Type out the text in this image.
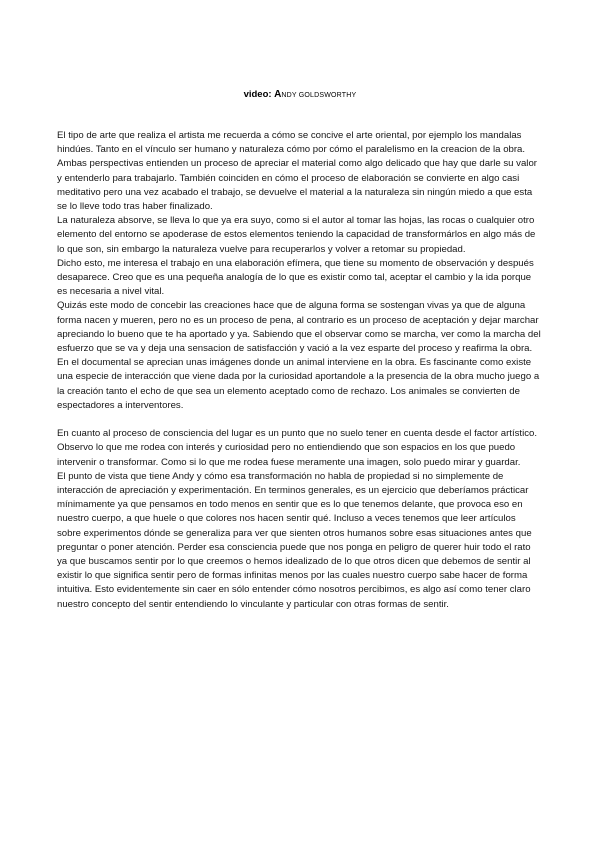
video: ANDY GOLDSWORTHY

El tipo de arte que realiza el artista me recuerda a cómo se concive el arte oriental, por ejemplo los mandalas hindúes. Tanto en el vínculo ser humano y naturaleza cómo por cómo el paralelismo en la creacion de la obra. Ambas perspectivas entienden un proceso de apreciar el material como algo delicado que hay que darle su valor y entenderlo para trabajarlo. También coinciden en cómo el proceso de elaboración se convierte en algo casi meditativo pero una vez acabado el trabajo, se devuelve el material a la naturaleza sin ningún miedo a que esta se lo lleve todo tras haber finalizado.

La naturaleza absorve, se lleva lo que ya era suyo, como si el autor al tomar las hojas, las rocas o cualquier otro elemento del entorno se apoderase de estos elementos teniendo la capacidad de transformárlos en algo más de lo que son, sin embargo la naturaleza vuelve para recuperarlos y volver a retomar su propiedad.

Dicho esto, me interesa el trabajo en una elaboración efímera, que tiene su momento de observación y después desaparece. Creo que es una pequeña analogía de lo que es existir como tal, aceptar el cambio y la ida porque es necesaria a nivel vital.

Quizás este modo de concebir las creaciones hace que de alguna forma se sostengan vivas ya que de alguna forma nacen y mueren, pero no es un proceso de pena, al contrario es un proceso de aceptación y dejar marchar apreciando lo bueno que te ha aportado y ya. Sabiendo que el observar como se marcha, ver como la marcha del esfuerzo que se va y deja una sensacion de satisfacción y vació a la vez esparte del proceso y reafirma la obra.

En el documental se aprecian unas imágenes donde un animal interviene en la obra. Es fascinante como existe una especie de interacción que viene dada por la curiosidad aportandole a la presencia de la obra mucho juego a la creación tanto el echo de que sea un elemento aceptado como de rechazo. Los animales se convierten de espectadores a interventores.

En cuanto al proceso de consciencia del lugar es un punto que no suelo tener en cuenta desde el factor artístico. Observo lo que me rodea con interés y curiosidad pero no entiendiendo que son espacios en los que puedo intervenir o transformar. Como si lo que me rodea fuese meramente una imagen, solo puedo mirar y guardar.

El punto de vista que tiene Andy y cómo esa transformación no habla de propiedad si no simplemente de interacción de apreciación y experimentación. En terminos generales, es un ejercicio que deberíamos prácticar mínimamente ya que pensamos en todo menos en sentir que es lo que tenemos delante, que provoca eso en nuestro cuerpo, a que huele o que colores nos hacen sentir qué. Incluso a veces tenemos que leer artículos sobre experimentos dónde se generaliza para ver que sienten otros humanos sobre esas situaciones antes que preguntar o poner atención. Perder esa consciencia puede que nos ponga en peligro de querer huir todo el rato ya que buscamos sentir por lo que creemos o hemos idealizado de lo que otros dicen que debemos de sentir al existir lo que significa sentir pero de formas infinitas menos por las cuales nuestro cuerpo sabe hacer de forma intuitiva. Esto evidentemente sin caer en sólo entender cómo nosotros percibimos, es algo así como tener claro nuestro concepto del sentir entendiendo lo vinculante y particular con otras formas de sentir.
